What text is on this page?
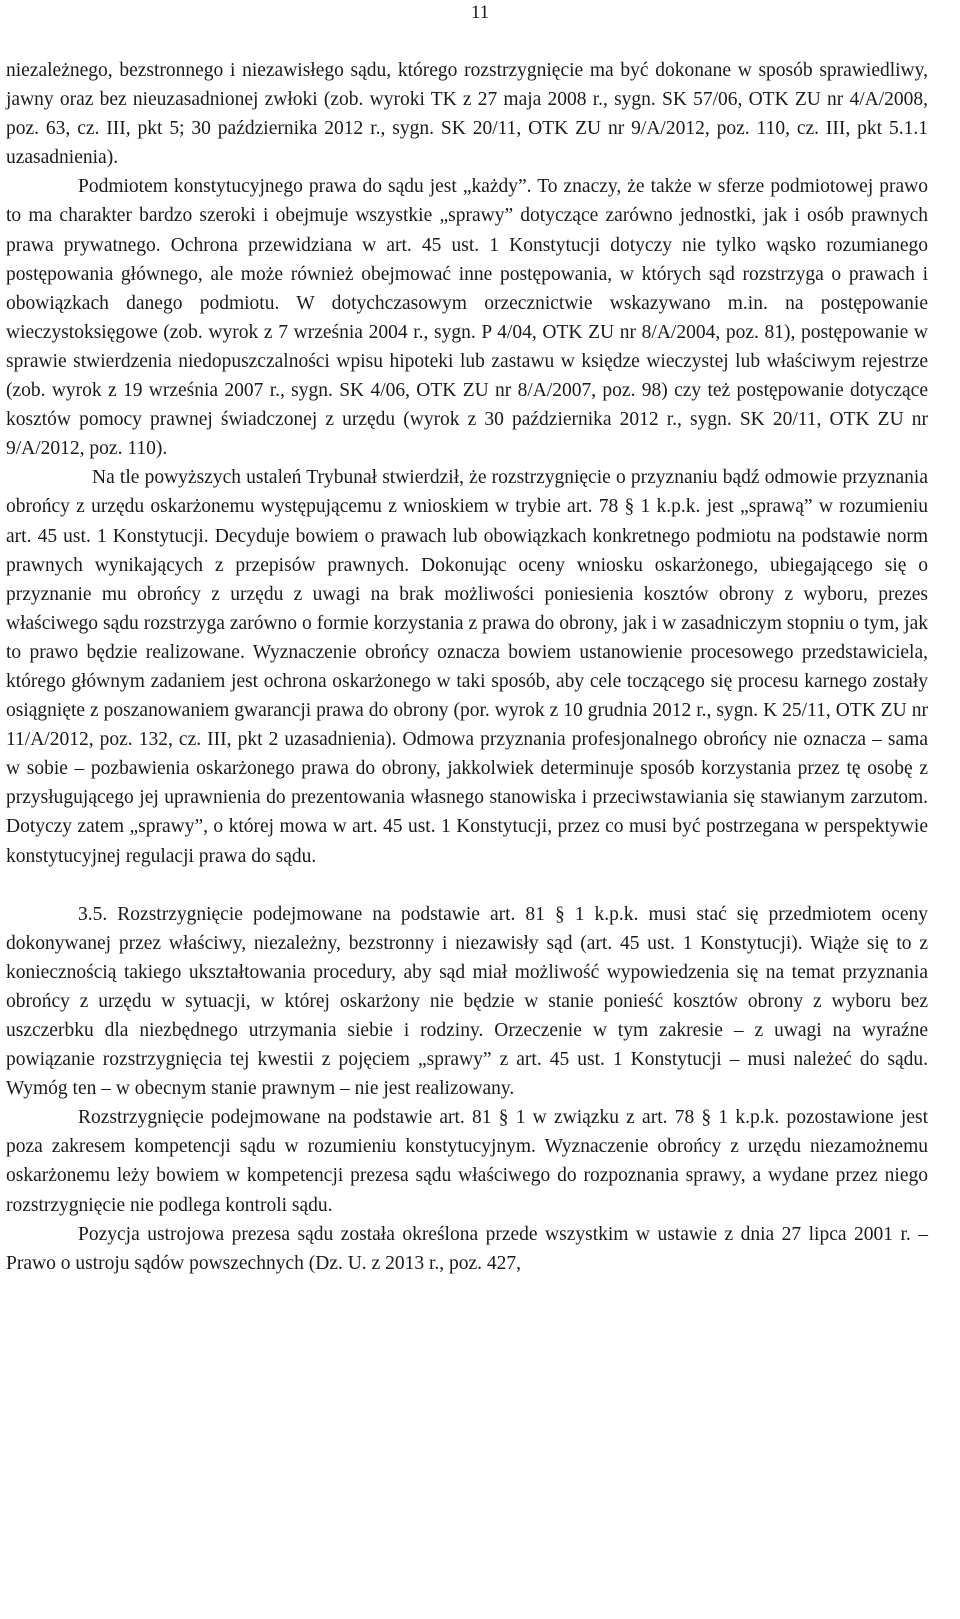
11

niezależnego, bezstronnego i niezawisłego sądu, którego rozstrzygnięcie ma być dokonane w sposób sprawiedliwy, jawny oraz bez nieuzasadnionej zwłoki (zob. wyroki TK z 27 maja 2008 r., sygn. SK 57/06, OTK ZU nr 4/A/2008, poz. 63, cz. III, pkt 5; 30 października 2012 r., sygn. SK 20/11, OTK ZU nr 9/A/2012, poz. 110, cz. III, pkt 5.1.1 uzasadnienia).

Podmiotem konstytucyjnego prawa do sądu jest „każdy”. To znaczy, że także w sferze podmiotowej prawo to ma charakter bardzo szeroki i obejmuje wszystkie „sprawy” dotyczące zarówno jednostki, jak i osób prawnych prawa prywatnego. Ochrona przewidziana w art. 45 ust. 1 Konstytucji dotyczy nie tylko wąsko rozumianego postępowania głównego, ale może również obejmować inne postępowania, w których sąd rozstrzyga o prawach i obowiązkach danego podmiotu. W dotychczasowym orzecznictwie wskazywano m.in. na postępowanie wieczystoksięgowe (zob. wyrok z 7 września 2004 r., sygn. P 4/04, OTK ZU nr 8/A/2004, poz. 81), postępowanie w sprawie stwierdzenia niedopuszczalności wpisu hipoteki lub zastawu w księdze wieczystej lub właściwym rejestrze (zob. wyrok z 19 września 2007 r., sygn. SK 4/06, OTK ZU nr 8/A/2007, poz. 98) czy też postępowanie dotyczące kosztów pomocy prawnej świadczonej z urzędu (wyrok z 30 października 2012 r., sygn. SK 20/11, OTK ZU nr 9/A/2012, poz. 110).

Na tle powyższych ustaleń Trybunał stwierdził, że rozstrzygnięcie o przyznaniu bądź odmowie przyznania obrońcy z urzędu oskarżonemu występującemu z wnioskiem w trybie art. 78 § 1 k.p.k. jest „sprawą” w rozumieniu art. 45 ust. 1 Konstytucji. Decyduje bowiem o prawach lub obowiązkach konkretnego podmiotu na podstawie norm prawnych wynikających z przepisów prawnych. Dokonując oceny wniosku oskarżonego, ubiegającego się o przyznanie mu obrońcy z urzędu z uwagi na brak możliwości poniesienia kosztów obrony z wyboru, prezes właściwego sądu rozstrzyga zarówno o formie korzystania z prawa do obrony, jak i w zasadniczym stopniu o tym, jak to prawo będzie realizowane. Wyznaczenie obrońcy oznacza bowiem ustanowienie procesowego przedstawiciela, którego głównym zadaniem jest ochrona oskarżonego w taki sposób, aby cele toczącego się procesu karnego zostały osiągnięte z poszanowaniem gwarancji prawa do obrony (por. wyrok z 10 grudnia 2012 r., sygn. K 25/11, OTK ZU nr 11/A/2012, poz. 132, cz. III, pkt 2 uzasadnienia). Odmowa przyznania profesjonalnego obrońcy nie oznacza – sama w sobie – pozbawienia oskarżonego prawa do obrony, jakkolwiek determinuje sposób korzystania przez tę osobę z przysługującego jej uprawnienia do prezentowania własnego stanowiska i przeciwstawiania się stawianym zarzutom. Dotyczy zatem „sprawy”, o której mowa w art. 45 ust. 1 Konstytucji, przez co musi być postrzegana w perspektywie konstytucyjnej regulacji prawa do sądu.

3.5. Rozstrzygnięcie podejmowane na podstawie art. 81 § 1 k.p.k. musi stać się przedmiotem oceny dokonywanej przez właściwy, niezależny, bezstronny i niezawisły sąd (art. 45 ust. 1 Konstytucji). Wiąże się to z koniecznością takiego ukształtowania procedury, aby sąd miał możliwość wypowiedzenia się na temat przyznania obrońcy z urzędu w sytuacji, w której oskarżony nie będzie w stanie ponieść kosztów obrony z wyboru bez uszczerbku dla niezbędnego utrzymania siebie i rodziny. Orzeczenie w tym zakresie – z uwagi na wyraźne powiązanie rozstrzygnięcia tej kwestii z pojęciem „sprawy” z art. 45 ust. 1 Konstytucji – musi należeć do sądu. Wymóg ten – w obecnym stanie prawnym – nie jest realizowany.

Rozstrzygnięcie podejmowane na podstawie art. 81 § 1 w związku z art. 78 § 1 k.p.k. pozostawione jest poza zakresem kompetencji sądu w rozumieniu konstytucyjnym. Wyznaczenie obrońcy z urzędu niezamożnemu oskarżonemu leży bowiem w kompetencji prezesa sądu właściwego do rozpoznania sprawy, a wydane przez niego rozstrzygnięcie nie podlega kontroli sądu.

Pozycja ustrojowa prezesa sądu została określona przede wszystkim w ustawie z dnia 27 lipca 2001 r. – Prawo o ustroju sądów powszechnych (Dz. U. z 2013 r., poz. 427,
